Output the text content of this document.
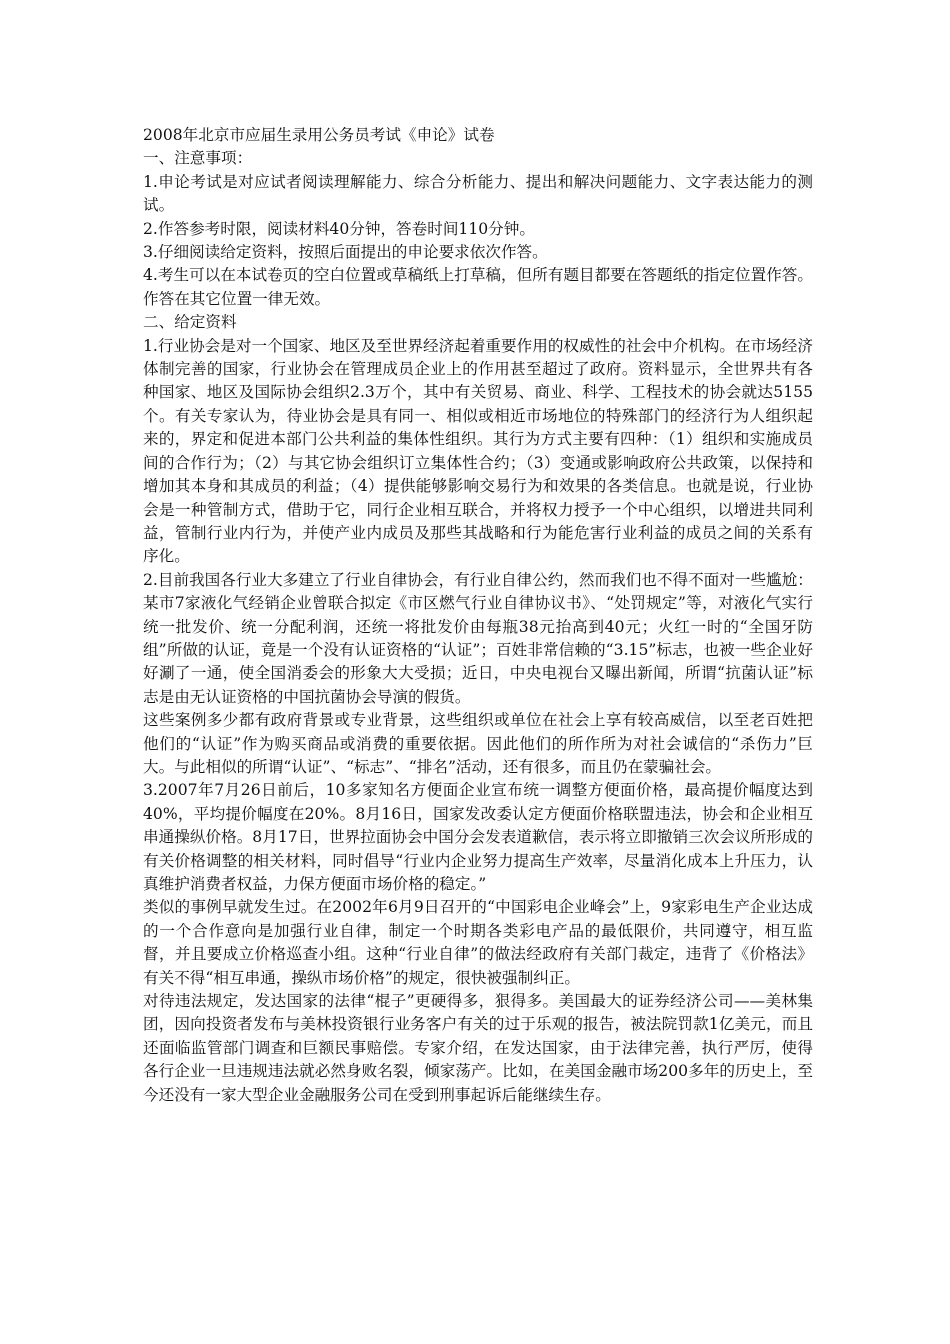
2008年北京市应届生录用公务员考试《申论》试卷

一、注意事项：

1.申论考试是对应试者阅读理解能力、综合分析能力、提出和解决问题能力、文字表达能力的测试。

2.作答参考时限，阅读材料40分钟，答卷时间110分钟。

3.仔细阅读给定资料，按照后面提出的申论要求依次作答。

4.考生可以在本试卷页的空白位置或草稿纸上打草稿，但所有题目都要在答题纸的指定位置作答。作答在其它位置一律无效。

二、给定资料

1.行业协会是对一个国家、地区及至世界经济起着重要作用的权威性的社会中介机构。在市场经济体制完善的国家，行业协会在管理成员企业上的作用甚至超过了政府。资料显示，全世界共有各种国家、地区及国际协会组织2.3万个，其中有关贸易、商业、科学、工程技术的协会就达5155个。有关专家认为，待业协会是具有同一、相似或相近市场地位的特殊部门的经济行为人组织起来的，界定和促进本部门公共利益的集体性组织。其行为方式主要有四种：（1）组织和实施成员间的合作行为；（2）与其它协会组织订立集体性合约；（3）变通或影响政府公共政策，以保持和增加其本身和其成员的利益；（4）提供能够影响交易行为和效果的各类信息。也就是说，行业协会是一种管制方式，借助于它，同行企业相互联合，并将权力授予一个中心组织，以增进共同利益，管制行业内行为，并使产业内成员及那些其战略和行为能危害行业利益的成员之间的关系有序化。

2.目前我国各行业大多建立了行业自律协会，有行业自律公约，然而我们也不得不面对一些尴尬：

某市7家液化气经销企业曾联合拟定《市区燃气行业自律协议书》、“处罚规定”等，对液化气实行统一批发价、统一分配利润，还统一将批发价由每瓶38元抬高到40元；火红一时的“全国牙防组”所做的认证，竟是一个没有认证资格的“认证”；百姓非常信赖的“3.15”标志，也被一些企业好好涮了一通，使全国消委会的形象大大受损；近日，中央电视台又曝出新闻，所谓“抗菌认证”标志是由无认证资格的中国抗菌协会导演的假货。

这些案例多少都有政府背景或专业背景，这些组织或单位在社会上享有较高威信，以至老百姓把他们的“认证”作为购买商品或消费的重要依据。因此他们的所作所为对社会诚信的“杀伤力”巨大。与此相似的所谓“认证”、“标志”、“排名”活动，还有很多，而且仍在蒙骗社会。

3.2007年7月26日前后，10多家知名方便面企业宣布统一调整方便面价格，最高提价幅度达到40%，平均提价幅度在20%。8月16日，国家发改委认定方便面价格联盟违法，协会和企业相互串通操纵价格。8月17日，世界拉面协会中国分会发表道歉信，表示将立即撤销三次会议所形成的有关价格调整的相关材料，同时倡导“行业内企业努力提高生产效率，尽量消化成本上升压力，认真维护消费者权益，力保方便面市场价格的稳定。”

类似的事例早就发生过。在2002年6月9日召开的“中国彩电企业峰会”上，9家彩电生产企业达成的一个合作意向是加强行业自律，制定一个时期各类彩电产品的最低限价，共同遵守，相互监督，并且要成立价格巡查小组。这种“行业自律”的做法经政府有关部门裁定，违背了《价格法》有关不得“相互串通，操纵市场价格”的规定，很快被强制纠正。

对待违法规定，发达国家的法律“棍子”更硬得多，狠得多。美国最大的证券经济公司——美林集团，因向投资者发布与美林投资银行业务客户有关的过于乐观的报告，被法院罚款1亿美元，而且还面临监管部门调查和巨额民事赔偿。专家介绍，在发达国家，由于法律完善，执行严厉，使得各行企业一旦违规违法就必然身败名裂，倾家荡产。比如，在美国金融市场200多年的历史上，至今还没有一家大型企业金融服务公司在受到刑事起诉后能继续生存。
